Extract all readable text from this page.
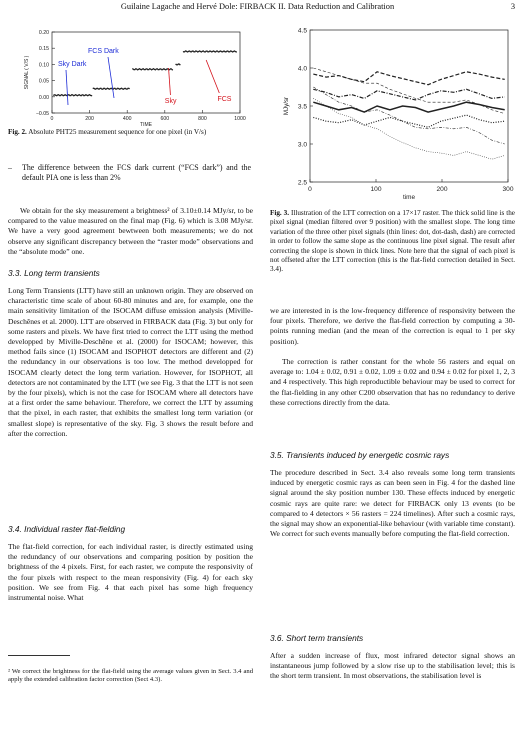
Guilaine Lagache and Hervé Dole: FIRBACK II. Data Reduction and Calibration	3
−0.05
0.00
0.05
0.10
0.15
0.20
0	200	400	600	800	1000
TIME
SIGNAL ( V/S )	Sky Dark
FCS Dark
Sky	FCS
Fig. 2. Absolute PHT25 measurement sequence for one pixel (in V/s)
– The difference between the FCS dark current (“FCS dark”) and the default PIA one is less than 2%
We obtain for the sky measurement a brightness² of 3.10±0.14 MJy/sr, to be compared to the value measured on the final map (Fig. 6) which is 3.08 MJy/sr. We have a very good agreement bewtween both measurements; we do not observe any significant discrepancy between the “raster mode” observations and the “absolute mode” one.
3.3. Long term transients
Long Term Transients (LTT) have still an unknown origin. They are observed on characteristic time scale of about 60-80 minutes and are, for example, one the main sensitivity limitation of the ISOCAM diffuse emission analysis (Miville-Deschênes et al. 2000). LTT are observed in FIRBACK data (Fig. 3) but only for some rasters and pixels. We have first tried to correct the LTT using the method developped by Miville-Deschêne et al. (2000) for ISOCAM; however, this method fails since (1) ISOCAM and ISOPHOT detectors are different and (2) the redundancy in our observations is too low. The method developped for ISOCAM clearly detect the long term variation. However, for ISOPHOT, all detectors are not contaminated by the LTT (we see Fig. 3 that the LTT is not seen by the four pixels), which is not the case for ISOCAM where all detectors have at a first order the same behaviour. Therefore, we correct the LTT by assuming that the pixel, in each raster, that exhibits the smallest long term variation (or smallest slope) is representative of the sky. Fig. 3 shows the result before and after the correction.
3.4. Individual raster flat-fielding
The flat-field correction, for each individual raster, is directly estimated using the redundancy of our observations and comparing position by position the brightness of the 4 pixels. First, for each raster, we compute the responsivity of the four pixels with respect to the mean responsivity (Fig. 4) for each sky position. We see from Fig. 4 that each pixel has some high frequency instrumental noise. What
² We correct the brightness for the flat-field using the average values given in Sect. 3.4 and apply the extended calibration factor correction (Sect 4.3).
2.5
3.0
3.5
4.0
4.5
0	100	200	300
time
MJy/sr
Fig. 3. Illustration of the LTT correction on a 17×17 raster. The thick solid line is the pixel signal (median filtered over 9 position) with the smallest slope. The long time variation of the three other pixel signals (thin lines: dot, dot-dash, dash) are corrected in order to follow the same slope as the continuous line pixel signal. The result after correcting the slope is shown in thick lines. Note here that the signal of each pixel is not offseted after the LTT correction (this is the flat-field correction detailed in Sect. 3.4).
we are interested in is the low-frequency difference of responsivity between the four pixels. Therefore, we derive the flat-field correction by computing a 30-points running median (and the mean of the correction is equal to 1 per sky position).
The correction is rather constant for the whole 56 rasters and equal on average to: 1.04 ± 0.02, 0.91 ± 0.02, 1.09 ± 0.02 and 0.94 ± 0.02 for pixel 1, 2, 3 and 4 respectively. This high reproductible behaviour may be used to correct for the flat-fielding in any other C200 observation that has no redundancy to derive these corrections directly from the data.
3.5. Transients induced by energetic cosmic rays
The procedure described in Sect. 3.4 also reveals some long term transients induced by energetic cosmic rays as can been seen in Fig. 4 for the dashed line signal around the sky position number 130. These effects induced by energetic cosmic rays are quite rare: we detect for FIRBACK only 13 events (to be compared to 4 detectors × 56 rasters = 224 timelines). After such a cosmic rays, the signal may show an exponential-like behaviour (with variable time constant). We correct for such events manually before computing the flat-field correction.
3.6. Short term transients
After a sudden increase of flux, most infrared detector signal shows an instantaneous jump followed by a slow rise up to the stabilisation level; this is the short term transient. In most observations, the stabilisation level is
